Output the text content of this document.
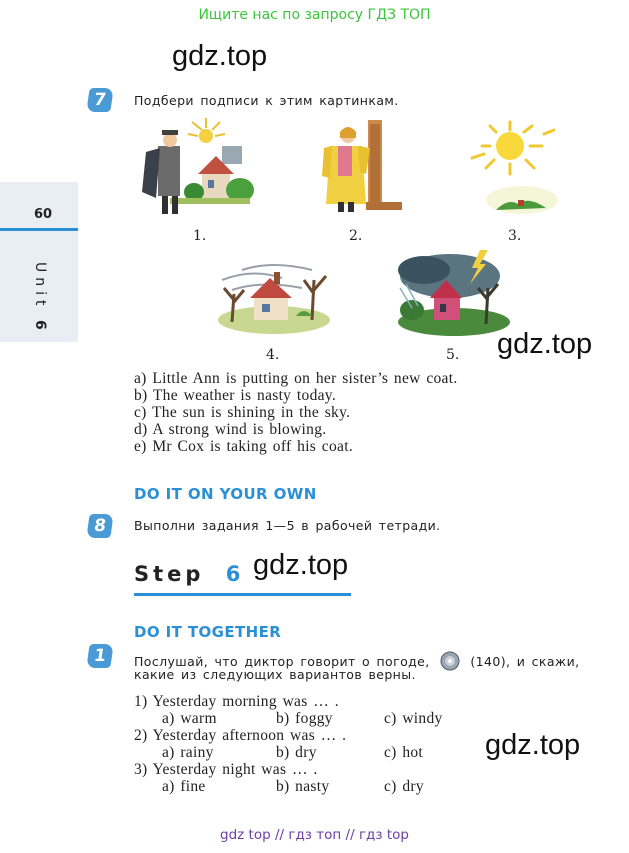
Ищите нас по запросу ГДЗ ТОП
gdz.top
gdz.top
gdz.top
gdz.top
60
Unit 6
7	Подбери подписи к этим картинкам.
1.	2.	3.
4.	5.
a) Little Ann is putting on her sister’s new coat.
b) The weather is nasty today.
c) The sun is shining in the sky.
d) A strong wind is blowing.
e) Mr Cox is taking off his coat.
DO IT ON YOUR OWN
8	Выполни задания 1—5 в рабочей тетради.
Step 6
DO IT TOGETHER
1	Послушай, что диктор говорит о погоде,	(140), и скажи,
какие из следующих вариантов верны.
1) Yesterday morning was … .
a) warm	b) foggy	c) windy
2) Yesterday afternoon was … .
a) rainy	b) dry	c) hot
3) Yesterday night was … .
a) fine	b) nasty	c) dry
gdz top // гдз топ // гдз top
